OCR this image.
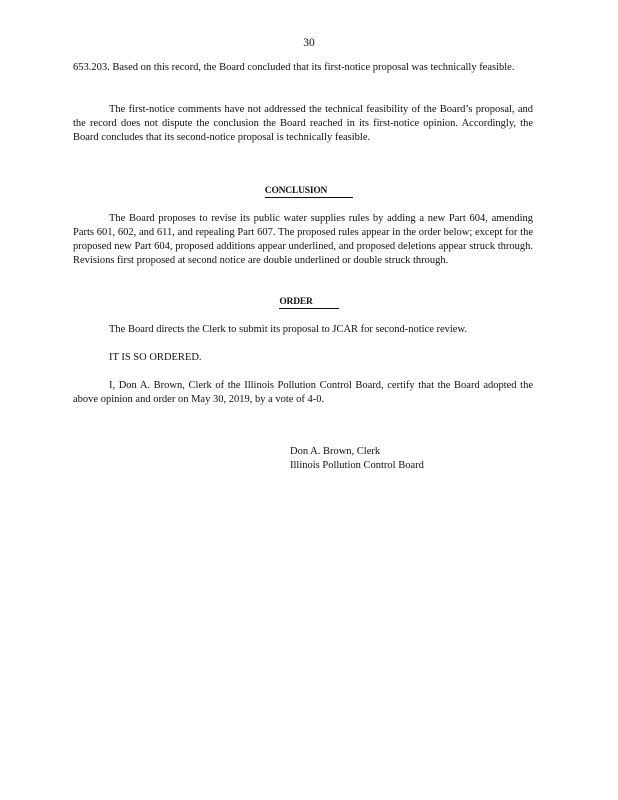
30

653.203. Based on this record, the Board concluded that its first-notice proposal was technically feasible.

The first-notice comments have not addressed the technical feasibility of the Board’s proposal, and the record does not dispute the conclusion the Board reached in its first-notice opinion. Accordingly, the Board concludes that its second-notice proposal is technically feasible.

CONCLUSION

The Board proposes to revise its public water supplies rules by adding a new Part 604, amending Parts 601, 602, and 611, and repealing Part 607. The proposed rules appear in the order below; except for the proposed new Part 604, proposed additions appear underlined, and proposed deletions appear struck through. Revisions first proposed at second notice are double underlined or double struck through.

ORDER

The Board directs the Clerk to submit its proposal to JCAR for second-notice review.

IT IS SO ORDERED.

I, Don A. Brown, Clerk of the Illinois Pollution Control Board, certify that the Board adopted the above opinion and order on May 30, 2019, by a vote of 4-0.

Don A. Brown, Clerk
Illinois Pollution Control Board
